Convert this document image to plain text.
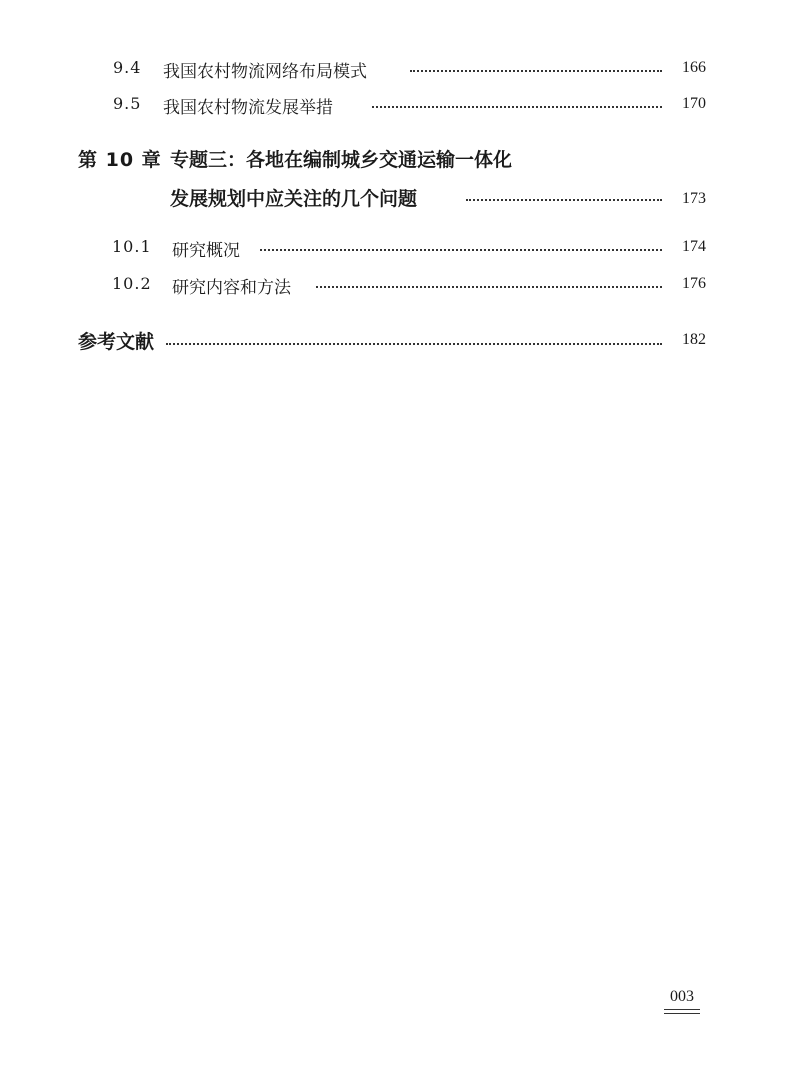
9.4 我国农村物流网络布局模式	166
9.5 我国农村物流发展举措	170
第 10 章 专题三：各地在编制城乡交通运输一体化
发展规划中应关注的几个问题	173
10.1 研究概况	174
10.2 研究内容和方法	176
参考文献	182
003
